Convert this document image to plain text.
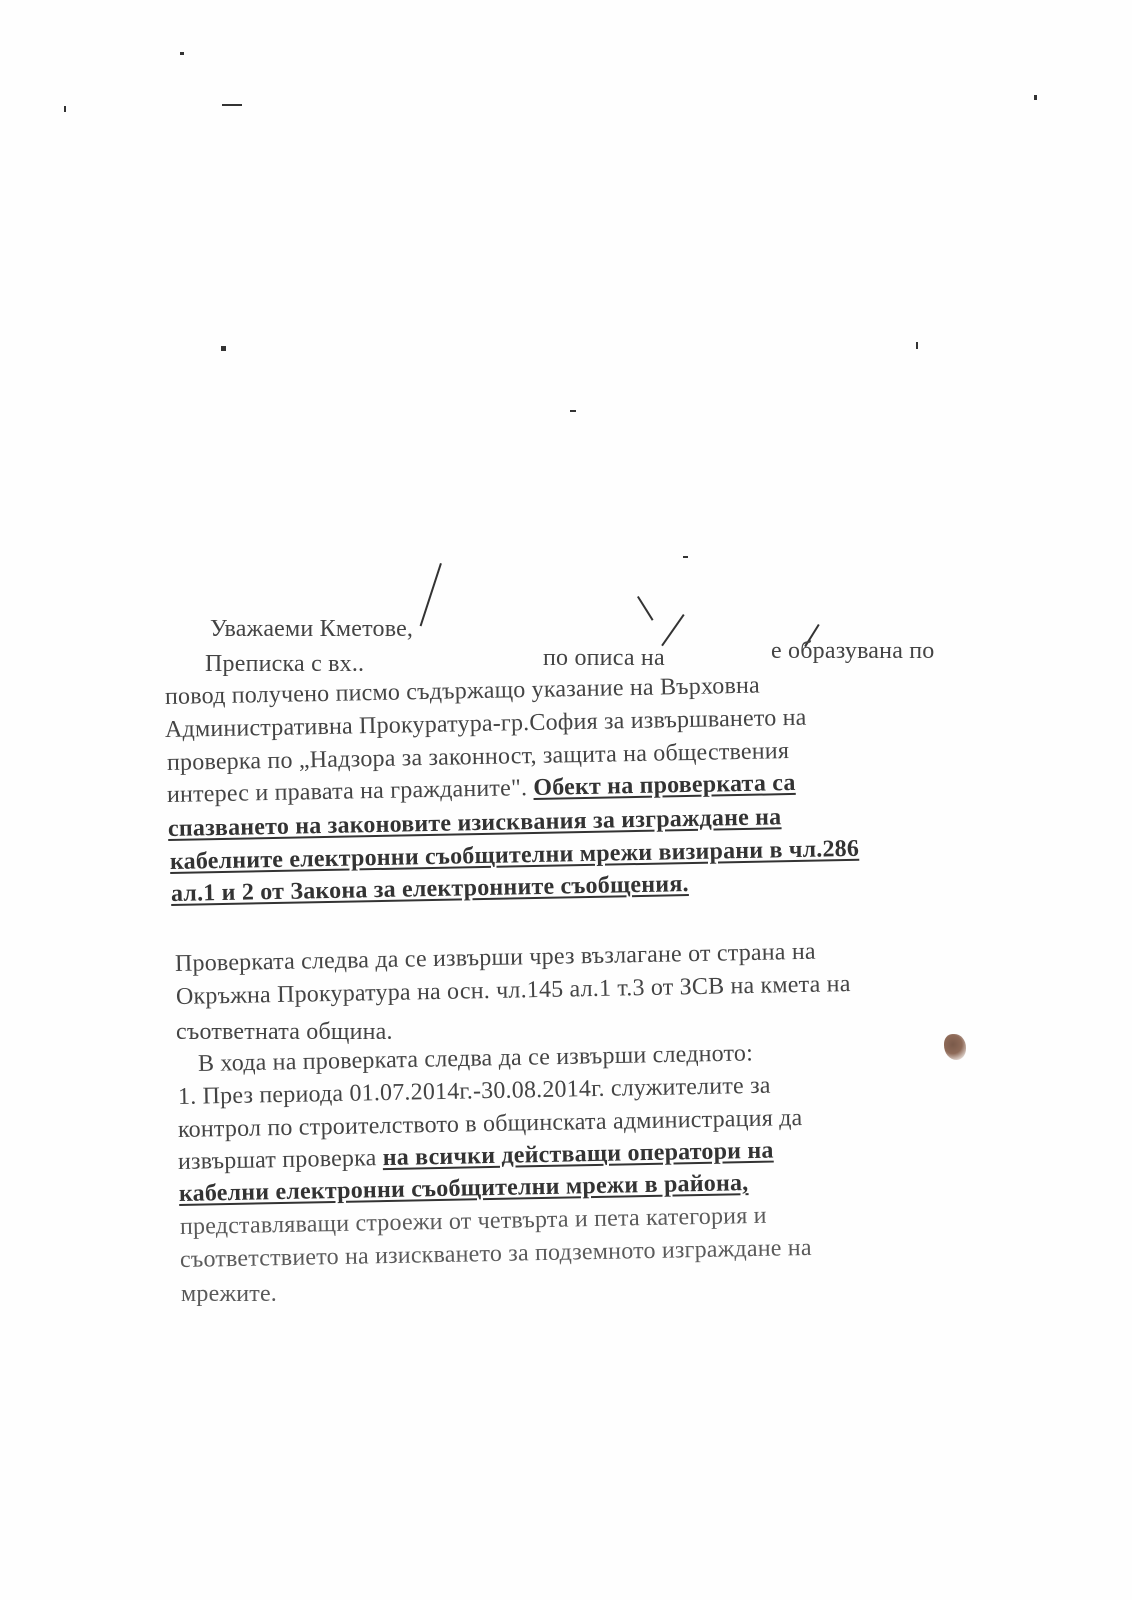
Уважаеми Кметове,
Преписка с вх..	по описа на	е образувана по
повод получено писмо съдържащо указание на Върховна
Административна Прокуратура-гр.София за извършването на
проверка по „Надзора за законност, защита на обществения
интерес и правата на гражданите". Обект на проверката са
спазването на законовите изисквания за изграждане на
кабелните електронни съобщителни мрежи визирани в чл.286
ал.1 и 2 от Закона за електронните съобщения.
Проверката следва да се извърши чрез възлагане от страна на
Окръжна Прокуратура на осн. чл.145 ал.1 т.3 от ЗСВ на кмета на
съответната община.
В хода на проверката следва да се извърши следното:
1. През периода 01.07.2014г.-30.08.2014г. служителите за
контрол по строителството в общинската администрация да
извършат проверка на всички действащи оператори на
кабелни електронни съобщителни мрежи в района,
представляващи строежи от четвърта и пета категория и
съответствието на изискването за подземното изграждане на
мрежите.
